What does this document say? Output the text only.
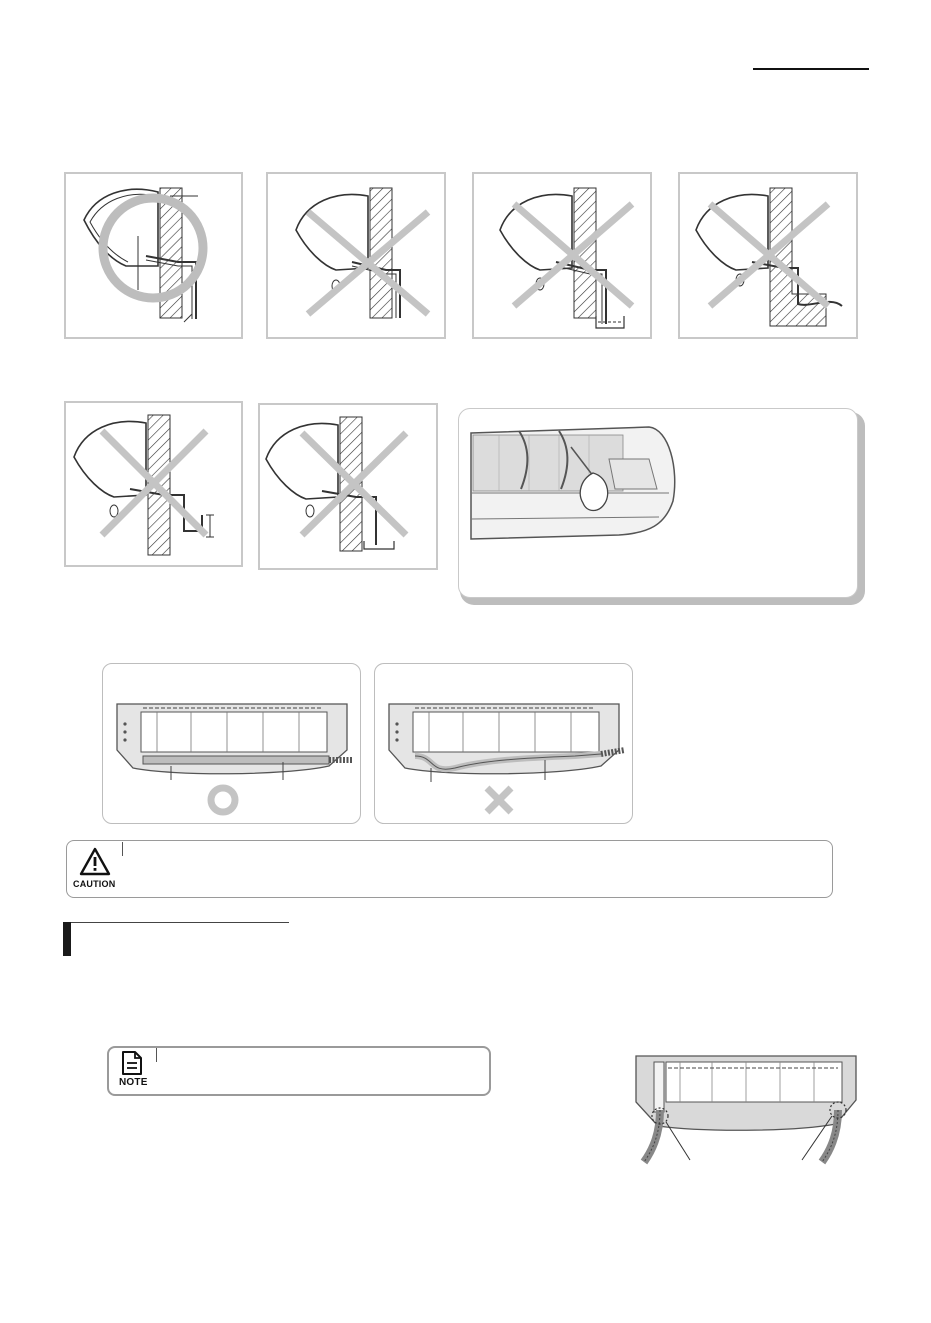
CAUTION
NOTE
